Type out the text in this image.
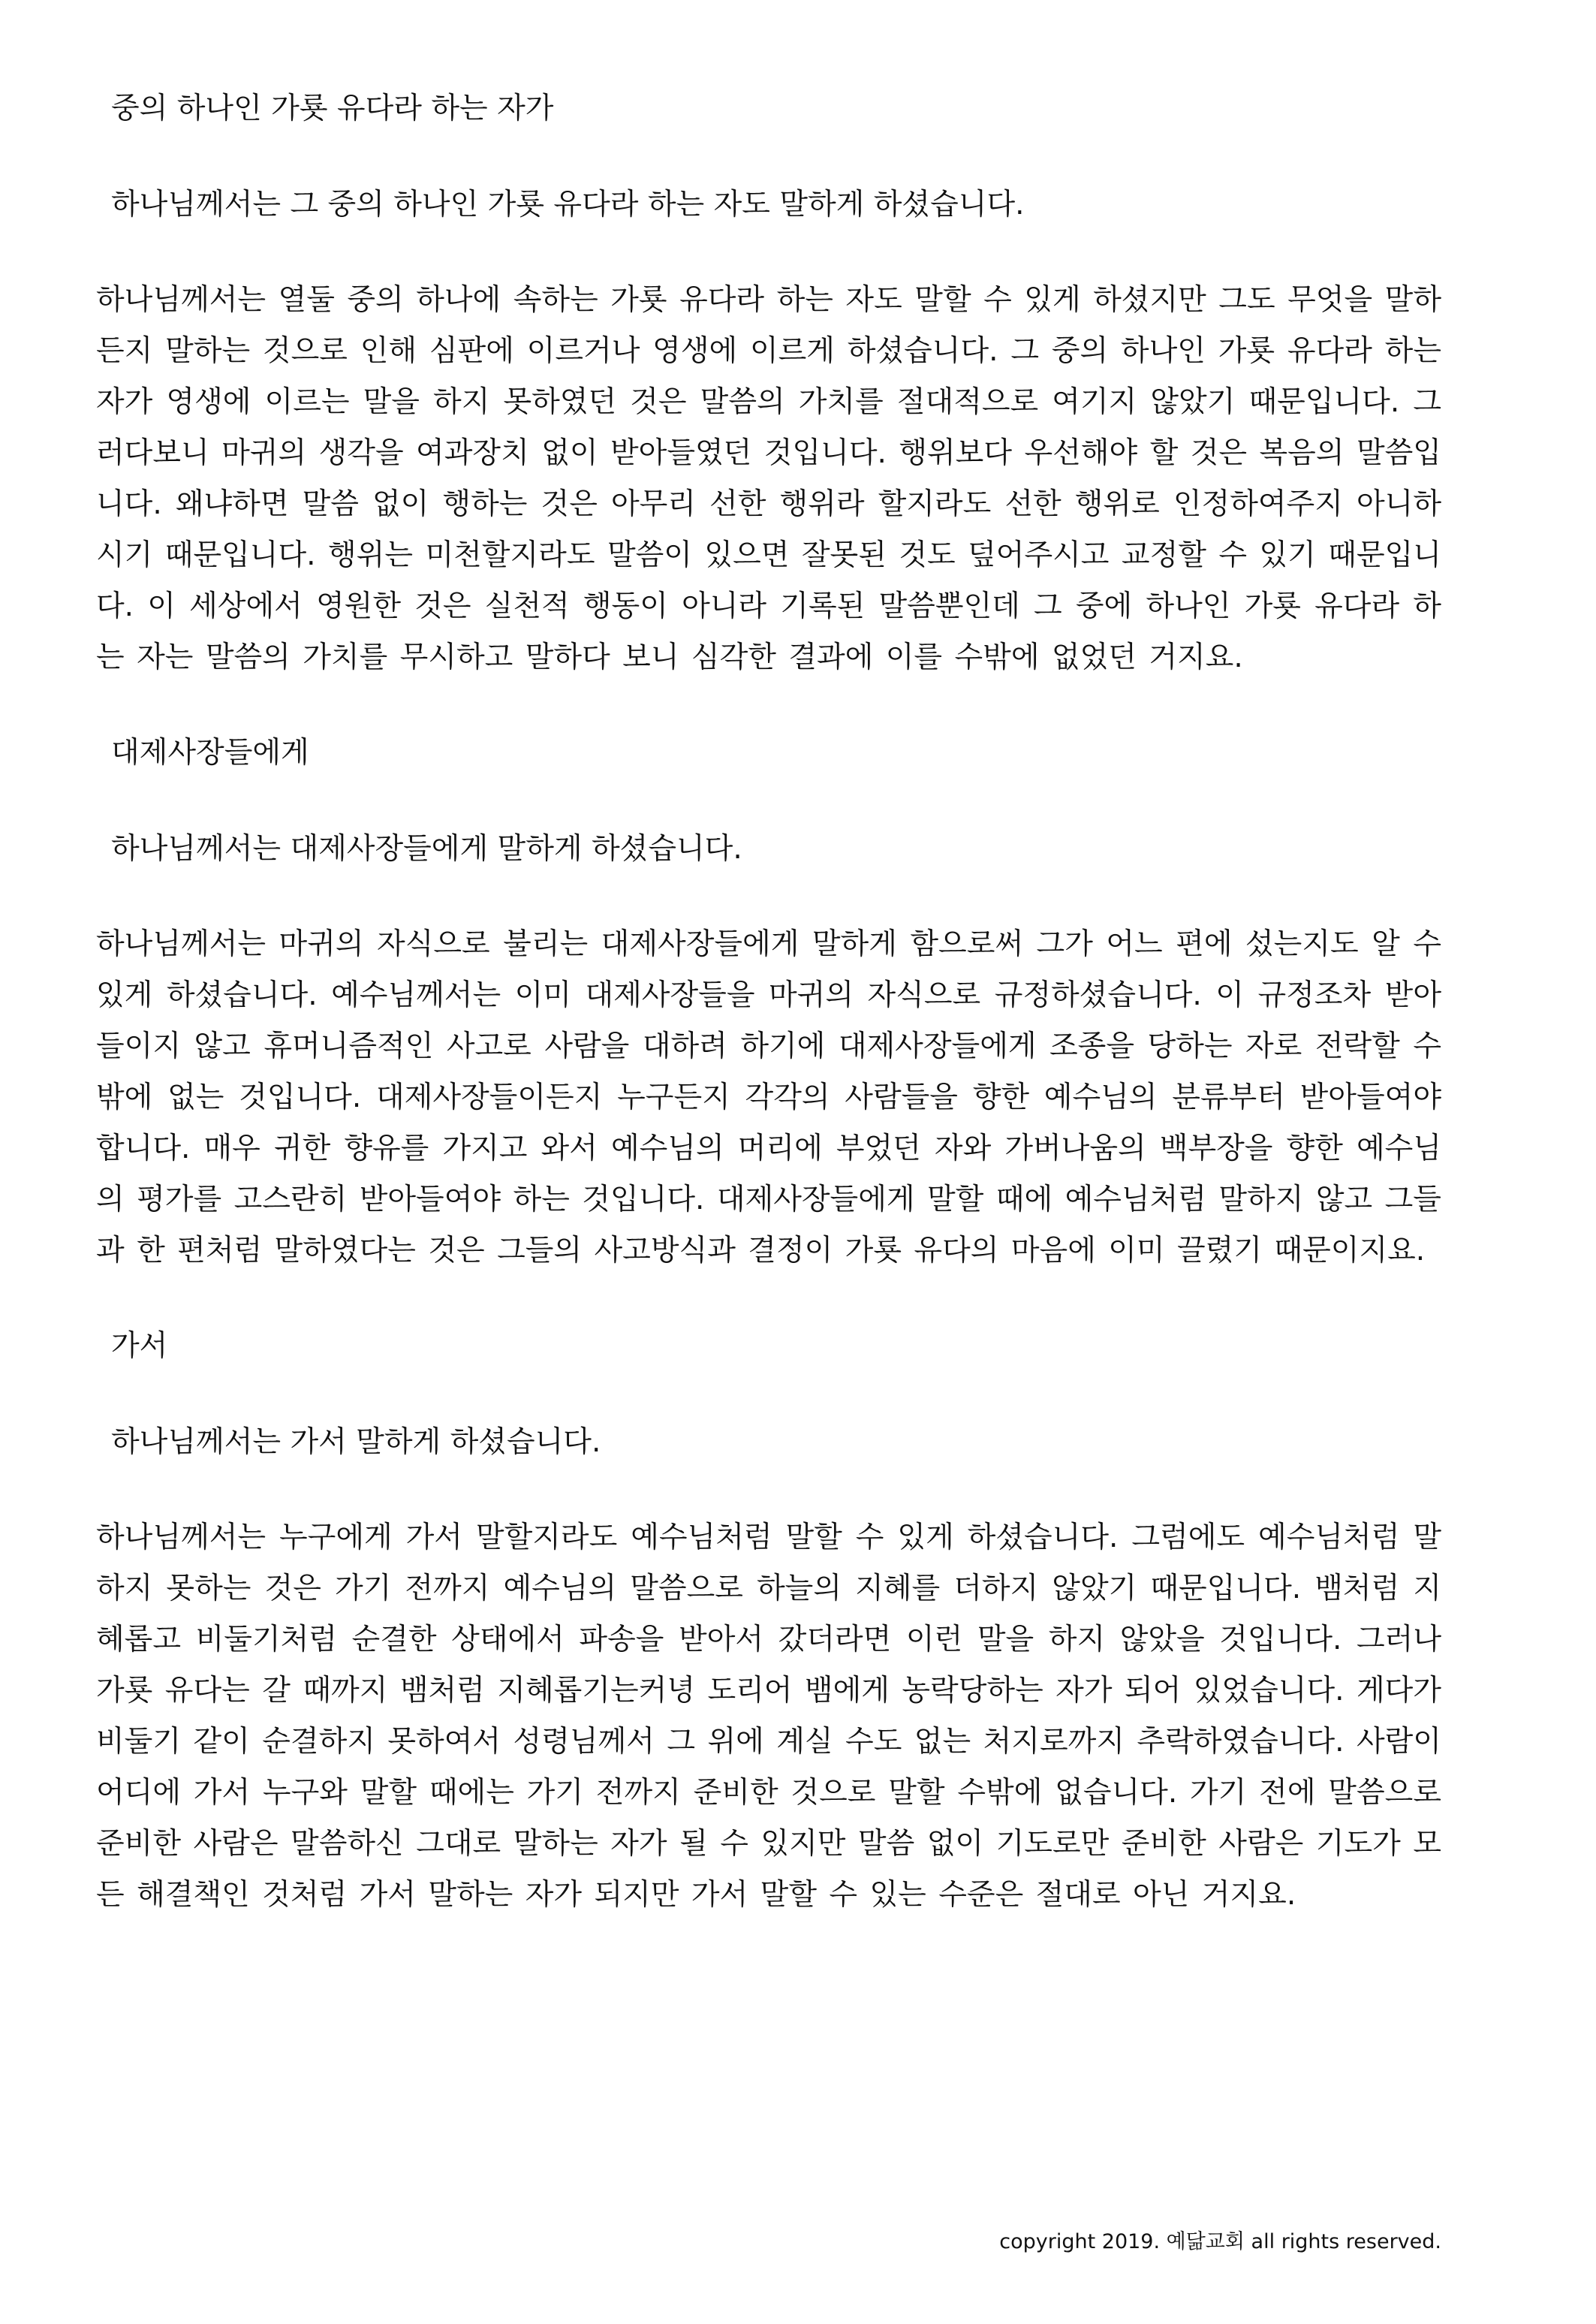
중의 하나인 가룟 유다라 하는 자가

하나님께서는 그 중의 하나인 가룟 유다라 하는 자도 말하게 하셨습니다.

하나님께서는 열둘 중의 하나에 속하는 가룟 유다라 하는 자도 말할 수 있게 하셨지만 그도 무엇을 말하든지 말하는 것으로 인해 심판에 이르거나 영생에 이르게 하셨습니다. 그 중의 하나인 가룟 유다라 하는 자가 영생에 이르는 말을 하지 못하였던 것은 말씀의 가치를 절대적으로 여기지 않았기 때문입니다. 그러다보니 마귀의 생각을 여과장치 없이 받아들였던 것입니다. 행위보다 우선해야 할 것은 복음의 말씀입니다. 왜냐하면 말씀 없이 행하는 것은 아무리 선한 행위라 할지라도 선한 행위로 인정하여주지 아니하시기 때문입니다. 행위는 미천할지라도 말씀이 있으면 잘못된 것도 덮어주시고 교정할 수 있기 때문입니다. 이 세상에서 영원한 것은 실천적 행동이 아니라 기록된 말씀뿐인데 그 중에 하나인 가룟 유다라 하는 자는 말씀의 가치를 무시하고 말하다 보니 심각한 결과에 이를 수밖에 없었던 거지요.

대제사장들에게

하나님께서는 대제사장들에게 말하게 하셨습니다.

하나님께서는 마귀의 자식으로 불리는 대제사장들에게 말하게 함으로써 그가 어느 편에 섰는지도 알 수 있게 하셨습니다. 예수님께서는 이미 대제사장들을 마귀의 자식으로 규정하셨습니다. 이 규정조차 받아들이지 않고 휴머니즘적인 사고로 사람을 대하려 하기에 대제사장들에게 조종을 당하는 자로 전락할 수밖에 없는 것입니다. 대제사장들이든지 누구든지 각각의 사람들을 향한 예수님의 분류부터 받아들여야 합니다. 매우 귀한 향유를 가지고 와서 예수님의 머리에 부었던 자와 가버나움의 백부장을 향한 예수님의 평가를 고스란히 받아들여야 하는 것입니다. 대제사장들에게 말할 때에 예수님처럼 말하지 않고 그들과 한 편처럼 말하였다는 것은 그들의 사고방식과 결정이 가룟 유다의 마음에 이미 끌렸기 때문이지요.

가서

하나님께서는 가서 말하게 하셨습니다.

하나님께서는 누구에게 가서 말할지라도 예수님처럼 말할 수 있게 하셨습니다. 그럼에도 예수님처럼 말하지 못하는 것은 가기 전까지 예수님의 말씀으로 하늘의 지혜를 더하지 않았기 때문입니다. 뱀처럼 지혜롭고 비둘기처럼 순결한 상태에서 파송을 받아서 갔더라면 이런 말을 하지 않았을 것입니다. 그러나 가룟 유다는 갈 때까지 뱀처럼 지혜롭기는커녕 도리어 뱀에게 농락당하는 자가 되어 있었습니다. 게다가 비둘기 같이 순결하지 못하여서 성령님께서 그 위에 계실 수도 없는 처지로까지 추락하였습니다. 사람이 어디에 가서 누구와 말할 때에는 가기 전까지 준비한 것으로 말할 수밖에 없습니다. 가기 전에 말씀으로 준비한 사람은 말씀하신 그대로 말하는 자가 될 수 있지만 말씀 없이 기도로만 준비한 사람은 기도가 모든 해결책인 것처럼 가서 말하는 자가 되지만 가서 말할 수 있는 수준은 절대로 아닌 거지요.

copyright 2019. 예닮교회 all rights reserved.
